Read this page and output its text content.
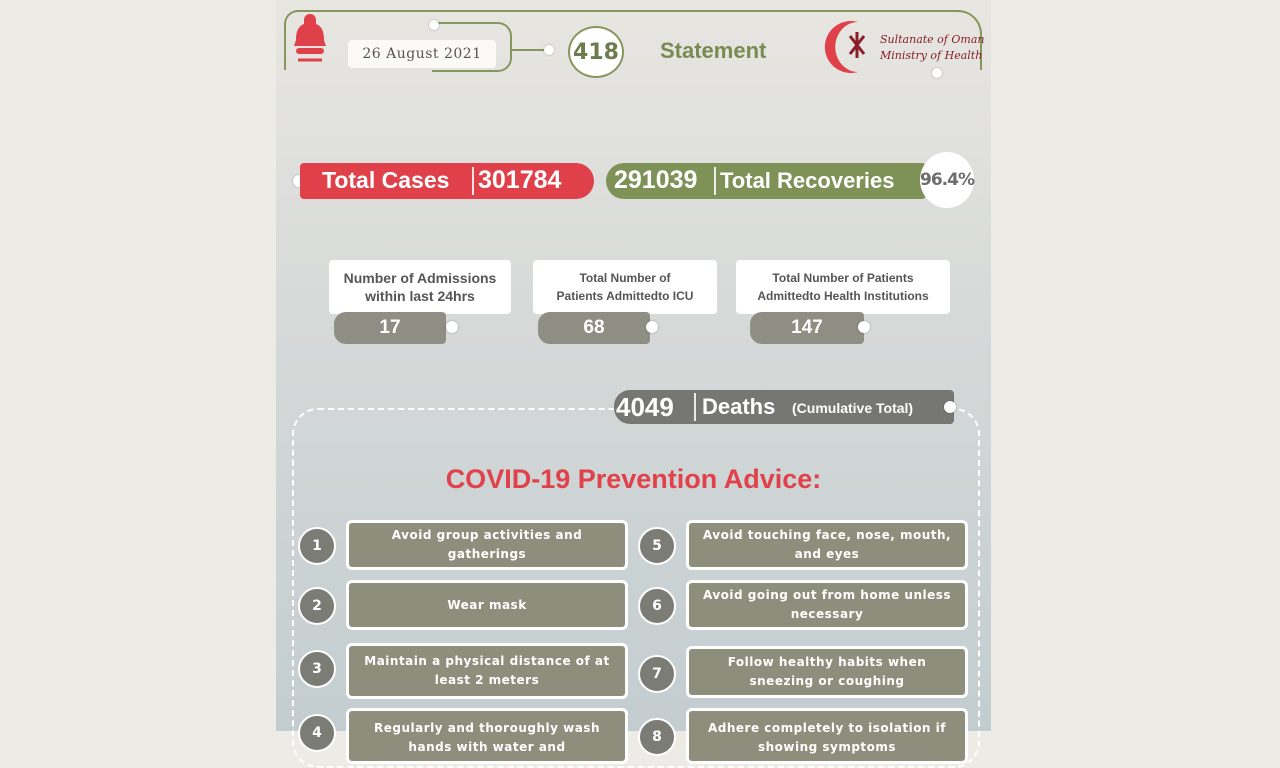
26 August 2021	418 Statement	Sultanate of Oman
Ministry of Health
Total Cases 301784 291039 Total Recoveries 96.4%
Number of Admissions
within last 24hrs
17
Total Number of
Patients Admittedto ICU
68
Total Number of Patients
Admittedto Health Institutions
147
4049 Deaths (Cumulative Total)
COVID-19 Prevention Advice:
1
Avoid group activities and gatherings
2	Wear mask
3	Maintain a physical distance of at least 2 meters
4	Regularly and thoroughly wash hands with water and
5
Avoid touching face, nose, mouth, and eyes
6
Avoid going out from home unless necessary
7
Follow healthy habits when sneezing or coughing
8
Adhere completely to isolation if showing symptoms
